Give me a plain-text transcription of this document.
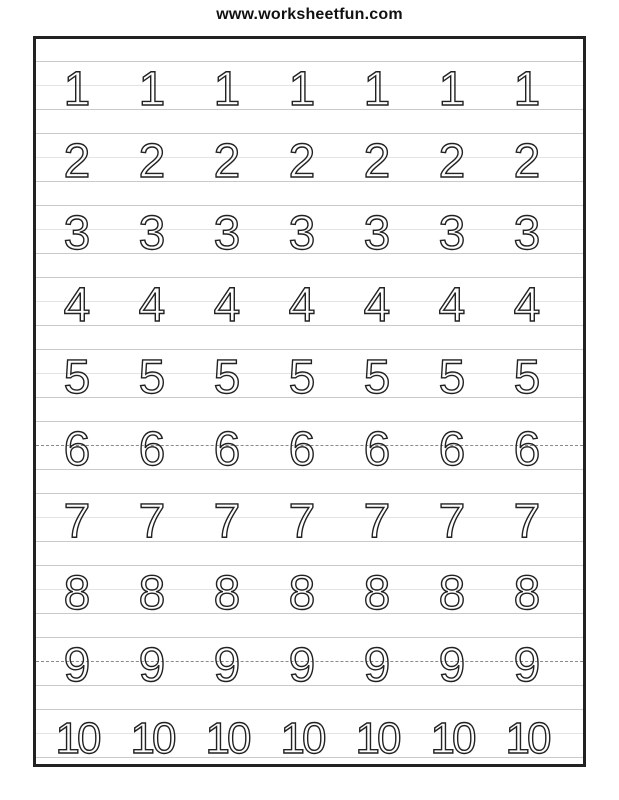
www.worksheetfun.com
1	1	1	1	1	1	1
2	2	2	2	2	2	2
3	3	3	3	3	3	3
4	4	4	4	4	4	4
5	5	5	5	5	5	5
6	6	6	6	6	6	6
7	7	7	7	7	7	7
8	8	8	8	8	8	8
9	9	9	9	9	9	9
10 10 10 10 10 10 10
